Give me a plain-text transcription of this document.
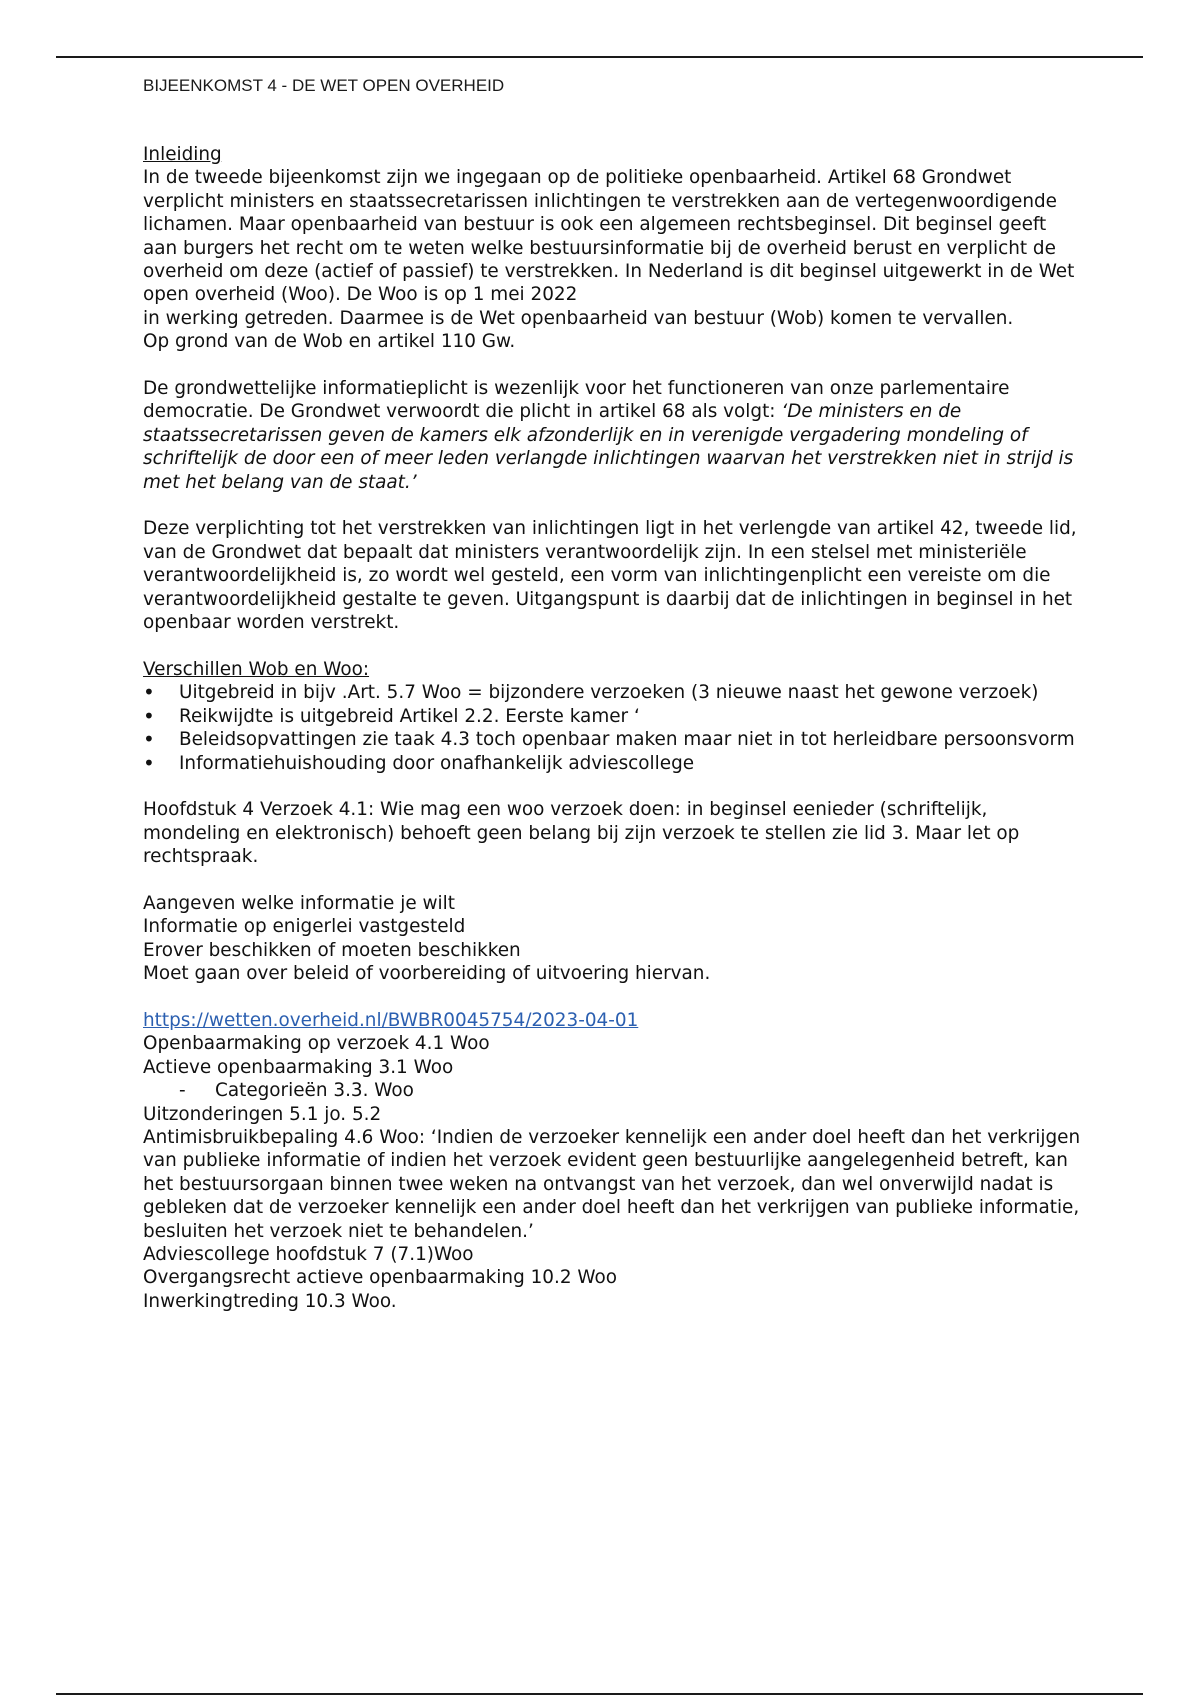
BIJEENKOMST 4 - DE WET OPEN OVERHEID
Inleiding

In de tweede bijeenkomst zijn we ingegaan op de politieke openbaarheid. Artikel 68 Grondwet verplicht ministers en staatssecretarissen inlichtingen te verstrekken aan de vertegenwoordigende lichamen. Maar openbaarheid van bestuur is ook een algemeen rechtsbeginsel. Dit beginsel geeft aan burgers het recht om te weten welke bestuursinformatie bij de overheid berust en verplicht de overheid om deze (actief of passief) te verstrekken. In Nederland is dit beginsel uitgewerkt in de Wet open overheid (Woo). De Woo is op 1 mei 2022

in werking getreden. Daarmee is de Wet openbaarheid van bestuur (Wob) komen te vervallen.

Op grond van de Wob en artikel 110 Gw.

De grondwettelijke informatieplicht is wezenlijk voor het functioneren van onze parlementaire

democratie. De Grondwet verwoordt die plicht in artikel 68 als volgt: ‘De ministers en de staatssecretarissen geven de kamers elk afzonderlijk en in verenigde vergadering mondeling of schriftelijk de door een of meer leden verlangde inlichtingen waarvan het verstrekken niet in strijd is met het belang van de staat.’

Deze verplichting tot het verstrekken van inlichtingen ligt in het verlengde van artikel 42, tweede lid,

van de Grondwet dat bepaalt dat ministers verantwoordelijk zijn. In een stelsel met ministeriële

verantwoordelijkheid is, zo wordt wel gesteld, een vorm van inlichtingenplicht een vereiste om die

verantwoordelijkheid gestalte te geven. Uitgangspunt is daarbij dat de inlichtingen in beginsel in het openbaar worden verstrekt.

Verschillen Wob en Woo:
• Uitgebreid in bijv .Art. 5.7 Woo = bijzondere verzoeken (3 nieuwe naast het gewone verzoek)
• Reikwijdte is uitgebreid Artikel 2.2. Eerste kamer ‘
• Beleidsopvattingen zie taak 4.3 toch openbaar maken maar niet in tot herleidbare persoonsvorm
• Informatiehuishouding door onafhankelijk adviescollege

Hoofdstuk 4 Verzoek 4.1: Wie mag een woo verzoek doen: in beginsel eenieder (schriftelijk, mondeling en elektronisch) behoeft geen belang bij zijn verzoek te stellen zie lid 3. Maar let op rechtspraak.

Aangeven welke informatie je wilt
Informatie op enigerlei vastgesteld
Erover beschikken of moeten beschikken
Moet gaan over beleid of voorbereiding of uitvoering hiervan.
https://wetten.overheid.nl/BWBR0045754/2023-04-01
Openbaarmaking op verzoek 4.1 Woo
Actieve openbaarmaking 3.1 Woo
- Categorieën 3.3. Woo
Uitzonderingen 5.1 jo. 5.2

Antimisbruikbepaling 4.6 Woo: ‘Indien de verzoeker kennelijk een ander doel heeft dan het verkrijgen van publieke informatie of indien het verzoek evident geen bestuurlijke aangelegenheid betreft, kan het bestuursorgaan binnen twee weken na ontvangst van het verzoek, dan wel onverwijld nadat is gebleken dat de verzoeker kennelijk een ander doel heeft dan het verkrijgen van publieke informatie, besluiten het verzoek niet te behandelen.’

Adviescollege hoofdstuk 7 (7.1)Woo
Overgangsrecht actieve openbaarmaking 10.2 Woo
Inwerkingtreding 10.3 Woo.
